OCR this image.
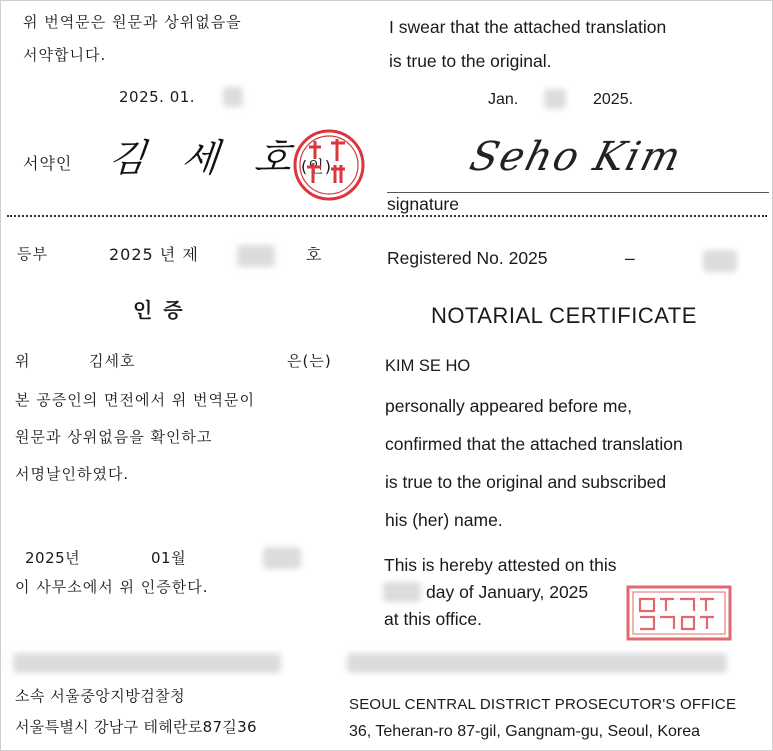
위 번역문은 원문과 상위없음을
서약합니다.
2025. 01.
서약인 김 세 호
(인)
I swear that the attached translation
is true to the original.
Jan.	2025.
Seho Kim
signature
등부	2025 년 제	호
인 증
위	김세호	은(는)
본 공증인의 면전에서 위 번역문이
원문과 상위없음을 확인하고
서명날인하였다.
2025년	01월
이 사무소에서 위 인증한다.
소속 서울중앙지방검찰청
서울특별시 강남구 테헤란로87길36
Registered No. 2025	–
NOTARIAL CERTIFICATE
KIM SE HO
personally appeared before me,
confirmed that the attached translation
is true to the original and subscribed
his (her) name.
This is hereby attested on this
day of January, 2025
at this office.
SEOUL CENTRAL DISTRICT PROSECUTOR'S OFFICE
36, Teheran-ro 87-gil, Gangnam-gu, Seoul, Korea
